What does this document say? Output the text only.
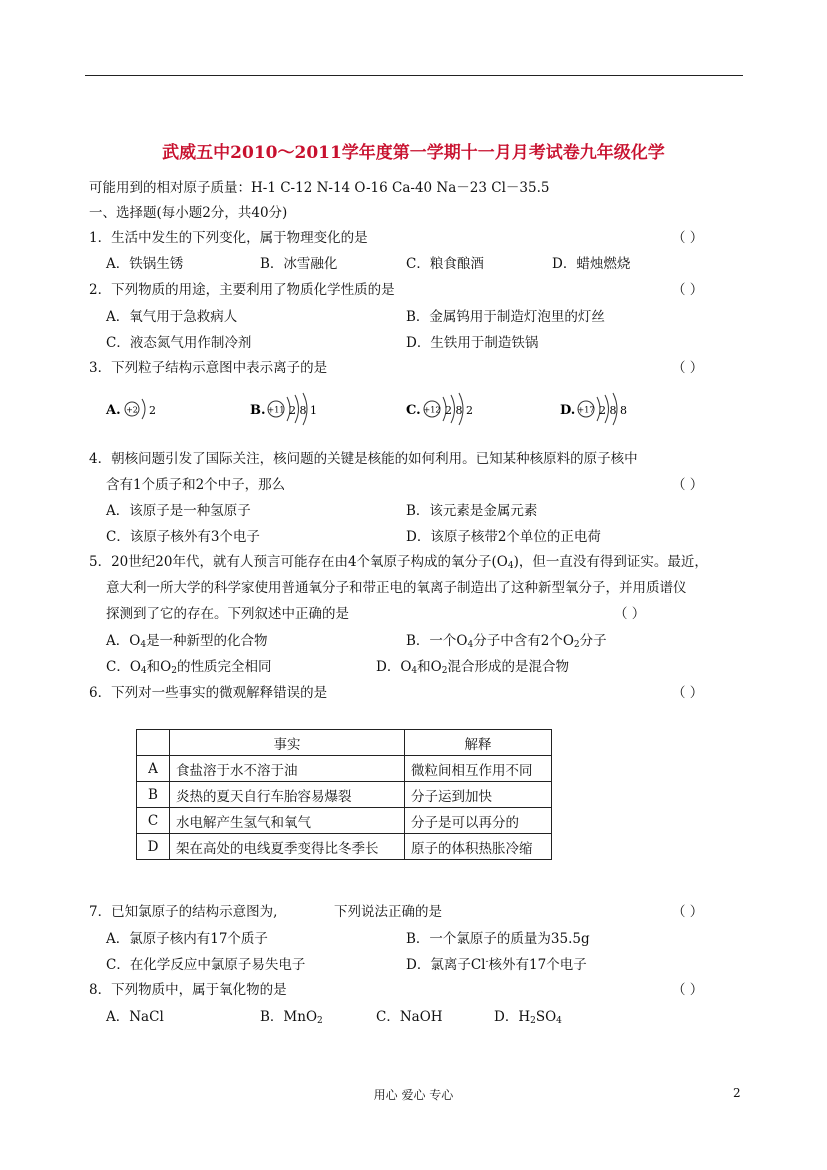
武威五中2010～2011学年度第一学期十一月月考试卷九年级化学
可能用到的相对原子质量：H-1 C-12 N-14 O-16 Ca-40 Na－23 Cl－35.5
一、选择题(每小题2分，共40分)
1．生活中发生的下列变化，属于物理变化的是	（ ）
A．铁锅生锈	B．冰雪融化	C．粮食酿酒	D．蜡烛燃烧
2．下列物质的用途，主要利用了物质化学性质的是	（ ）
A．氧气用于急救病人	B．金属钨用于制造灯泡里的灯丝
C．液态氮气用作制冷剂	D．生铁用于制造铁锅
3．下列粒子结构示意图中表示离子的是	（ ）
A. +2 2	B. +11 2 8 1	C. +12 2 8 2	D. +17 2 8 8
4．朝核问题引发了国际关注，核问题的关键是核能的如何利用。已知某种核原料的原子核中
含有1个质子和2个中子，那么	（ ）
A．该原子是一种氢原子	B．该元素是金属元素
C．该原子核外有3个电子	D．该原子核带2个单位的正电荷
5．20世纪20年代，就有人预言可能存在由4个氧原子构成的氧分子$(O_4)$，但一直没有得到证实。最近，
意大利一所大学的科学家使用普通氧分子和带正电的氧离子制造出了这种新型氧分子，并用质谱仪
探测到了它的存在。下列叙述中正确的是	（ ）
A．$O_4$是一种新型的化合物	B．一个$O_4$分子中含有2个$O_2$分子
C．$O_4$和$O_2$的性质完全相同	D．$O_4$和$O_2$混合形成的是混合物
6．下列对一些事实的微观解释错误的是	（ ）
	事实	解释
A	食盐溶于水不溶于油	微粒间相互作用不同
B	炎热的夏天自行车胎容易爆裂	分子运到加快
C	水电解产生氢气和氧气	分子是可以再分的
D	架在高处的电线夏季变得比冬季长	原子的体积热胀冷缩
7．已知氯原子的结构示意图为,	下列说法正确的是	（ ）
A．氯原子核内有17个质子	B．一个氯原子的质量为35.5g
C．在化学反应中氯原子易失电子	D．氯离子Cl-核外有17个电子
8．下列物质中，属于氧化物的是	（ ）
A．NaCl	B．MnO$_2$	C．NaOH	D．$H_2SO_4$
用心 爱心 专心	2
